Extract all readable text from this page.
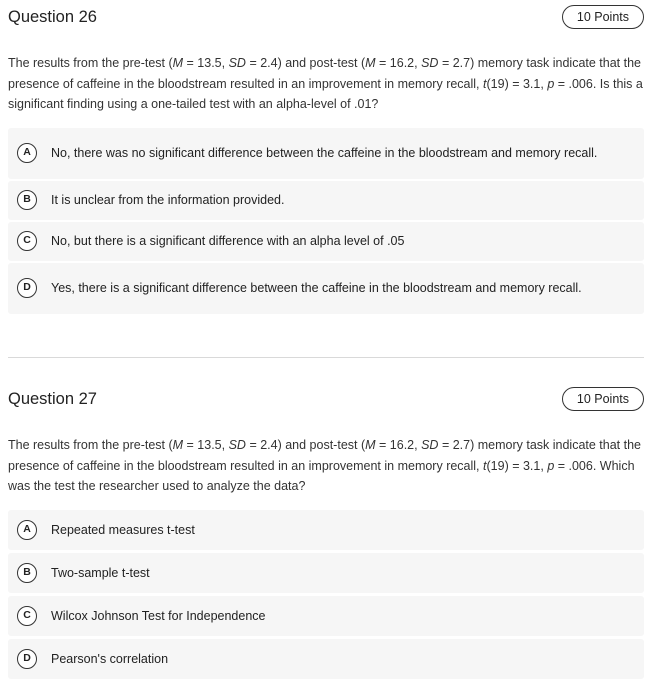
Question 26	10 Points
The results from the pre-test (M = 13.5, SD = 2.4) and post-test (M = 16.2, SD = 2.7) memory task indicate that the presence of caffeine in the bloodstream resulted in an improvement in memory recall, t(19) = 3.1, p = .006. Is this a significant finding using a one-tailed test with an alpha-level of .01?
A	No, there was no significant difference between the caffeine in the bloodstream and memory recall.
B	It is unclear from the information provided.
C	No, but there is a significant difference with an alpha level of .05
D	Yes, there is a significant difference between the caffeine in the bloodstream and memory recall.
Question 27	10 Points
The results from the pre-test (M = 13.5, SD = 2.4) and post-test (M = 16.2, SD = 2.7) memory task indicate that the presence of caffeine in the bloodstream resulted in an improvement in memory recall, t(19) = 3.1, p = .006. Which was the test the researcher used to analyze the data?
A	Repeated measures t-test
B	Two-sample t-test
C	Wilcox Johnson Test for Independence
D	Pearson's correlation
